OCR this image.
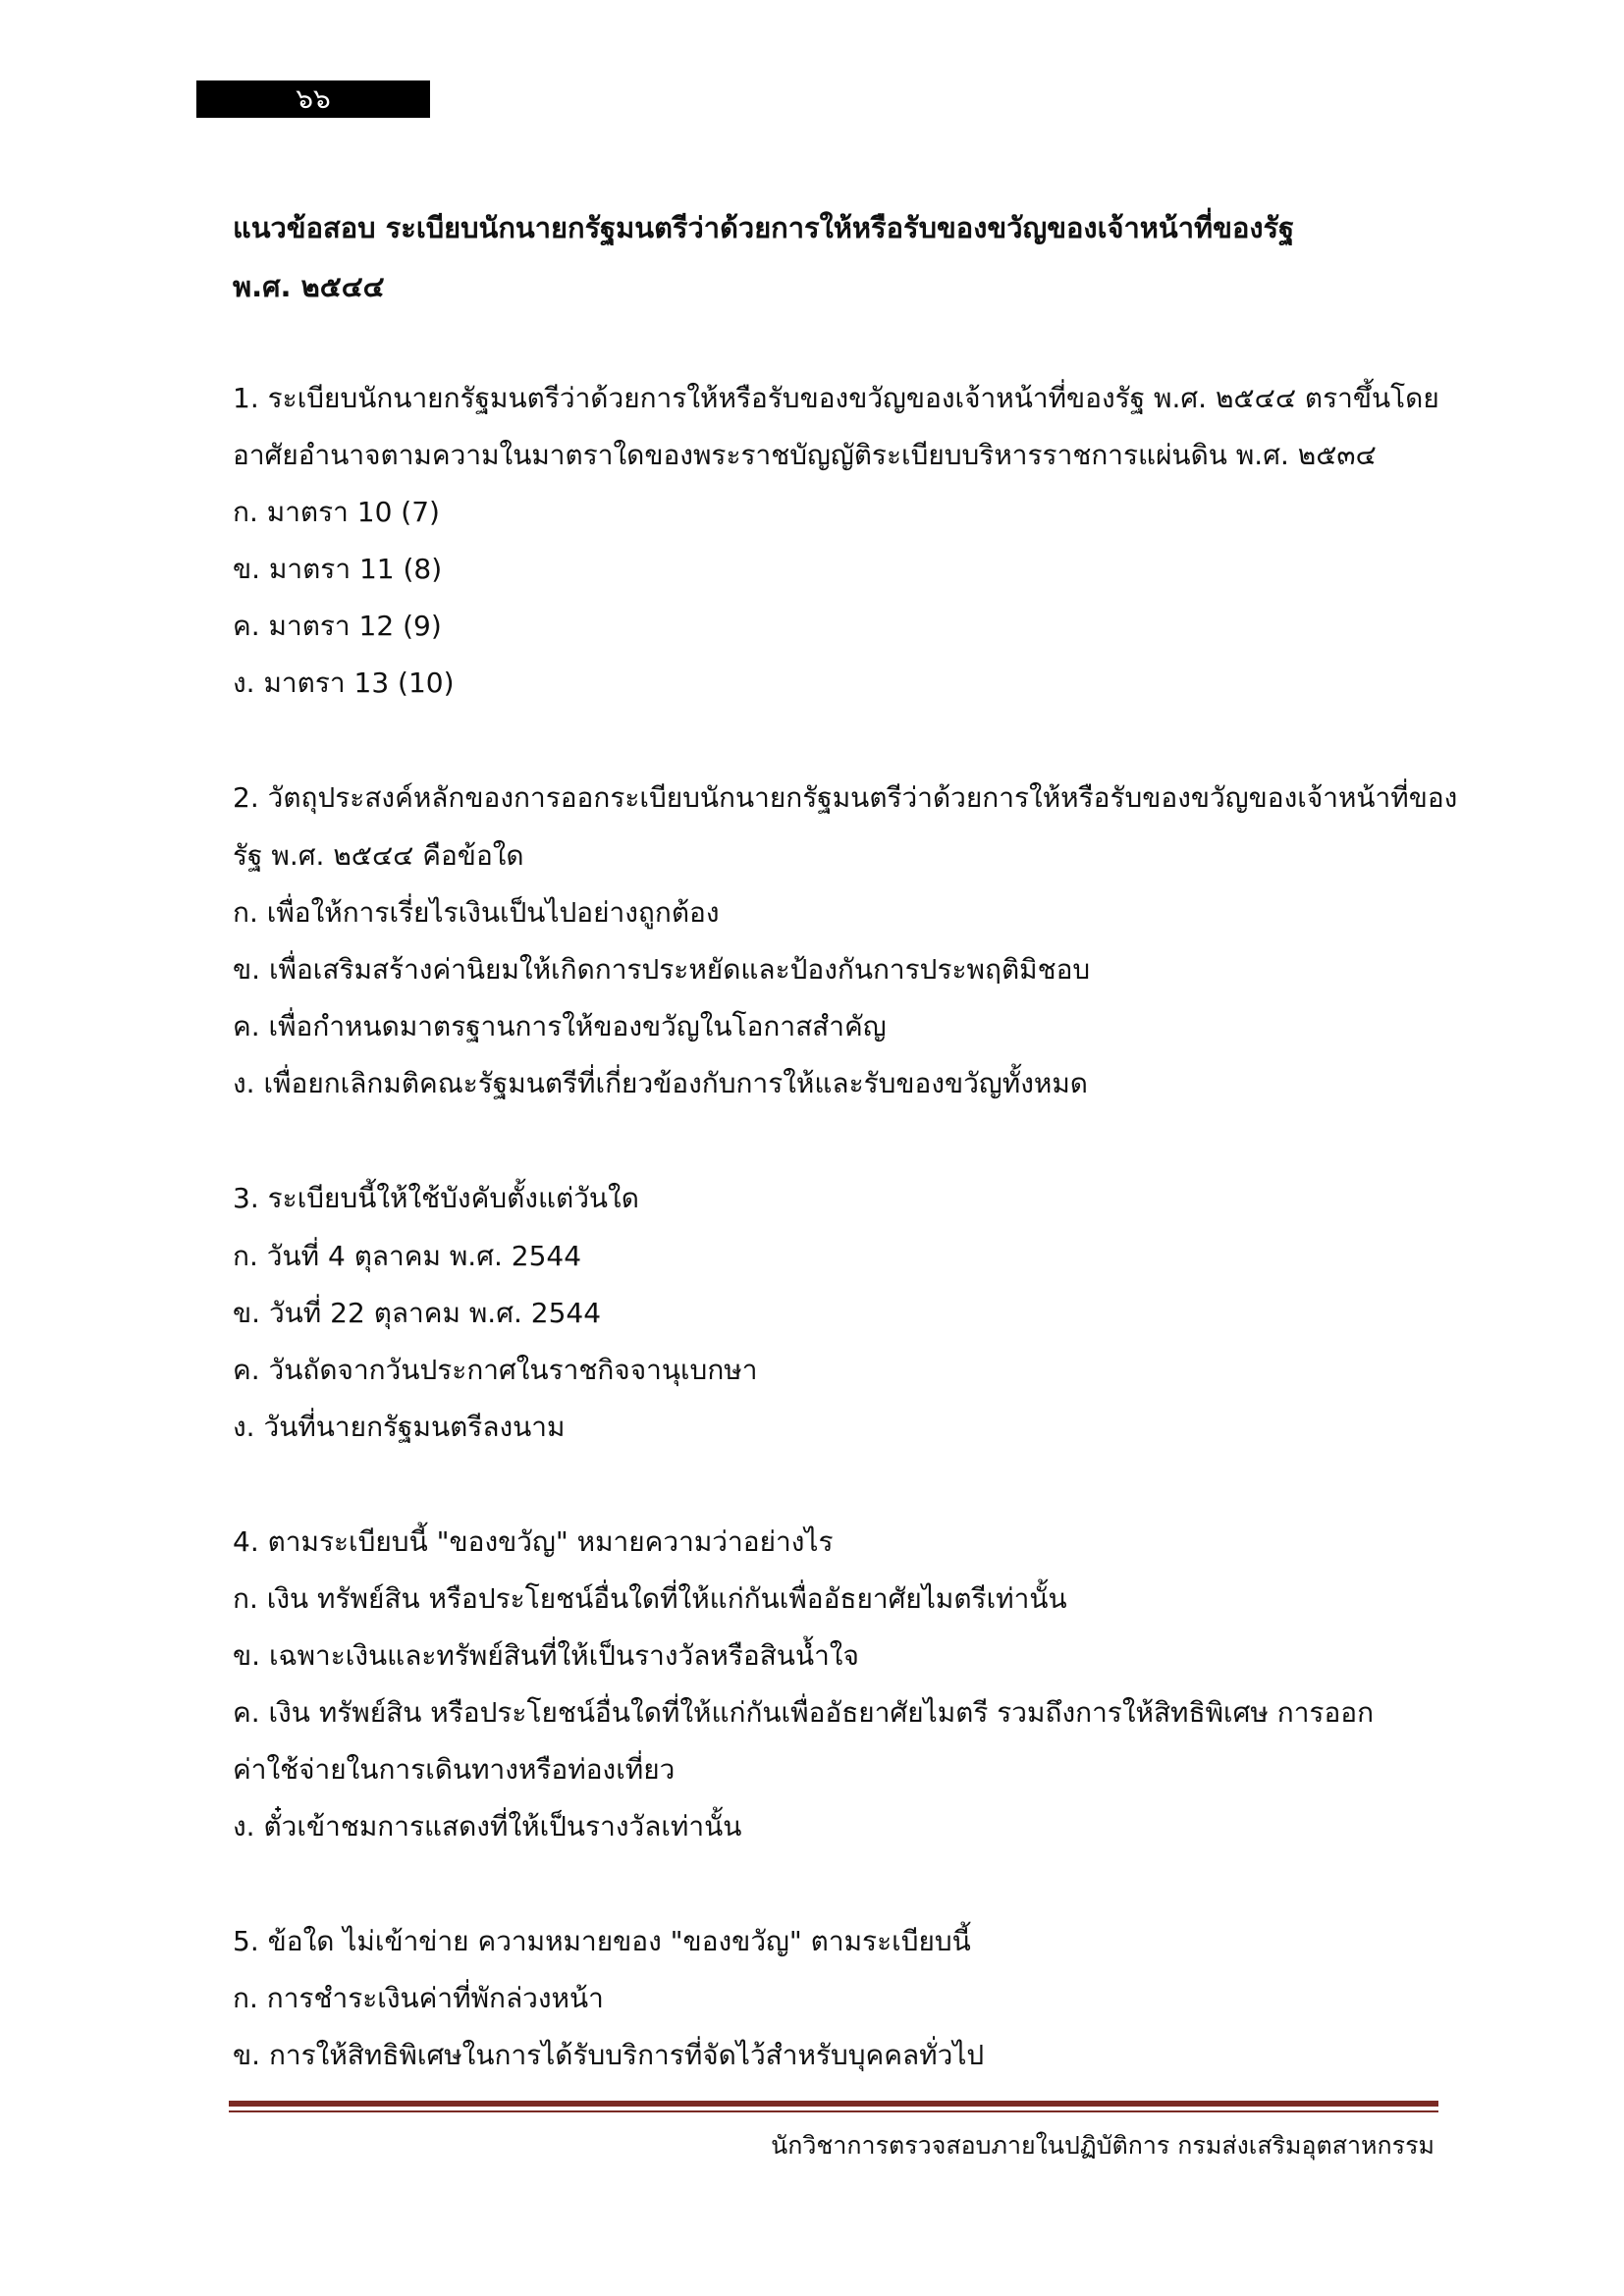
๖๖
แนวข้อสอบ ระเบียบนักนายกรัฐมนตรีว่าด้วยการให้หรือรับของขวัญของเจ้าหน้าที่ของรัฐ
พ.ศ. ๒๕๔๔
1. ระเบียบนักนายกรัฐมนตรีว่าด้วยการให้หรือรับของขวัญของเจ้าหน้าที่ของรัฐ พ.ศ. ๒๕๔๔ ตราขึ้นโดย
อาศัยอำนาจตามความในมาตราใดของพระราชบัญญัติระเบียบบริหารราชการแผ่นดิน พ.ศ. ๒๕๓๔
ก. มาตรา 10 (7)
ข. มาตรา 11 (8)
ค. มาตรา 12 (9)
ง. มาตรา 13 (10)
2. วัตถุประสงค์หลักของการออกระเบียบนักนายกรัฐมนตรีว่าด้วยการให้หรือรับของขวัญของเจ้าหน้าที่ของ
รัฐ พ.ศ. ๒๕๔๔ คือข้อใด
ก. เพื่อให้การเรี่ยไรเงินเป็นไปอย่างถูกต้อง
ข. เพื่อเสริมสร้างค่านิยมให้เกิดการประหยัดและป้องกันการประพฤติมิชอบ
ค. เพื่อกำหนดมาตรฐานการให้ของขวัญในโอกาสสำคัญ
ง. เพื่อยกเลิกมติคณะรัฐมนตรีที่เกี่ยวข้องกับการให้และรับของขวัญทั้งหมด
3. ระเบียบนี้ให้ใช้บังคับตั้งแต่วันใด
ก. วันที่ 4 ตุลาคม พ.ศ. 2544
ข. วันที่ 22 ตุลาคม พ.ศ. 2544
ค. วันถัดจากวันประกาศในราชกิจจานุเบกษา
ง. วันที่นายกรัฐมนตรีลงนาม
4. ตามระเบียบนี้ "ของขวัญ" หมายความว่าอย่างไร
ก. เงิน ทรัพย์สิน หรือประโยชน์อื่นใดที่ให้แก่กันเพื่ออัธยาศัยไมตรีเท่านั้น
ข. เฉพาะเงินและทรัพย์สินที่ให้เป็นรางวัลหรือสินน้ำใจ
ค. เงิน ทรัพย์สิน หรือประโยชน์อื่นใดที่ให้แก่กันเพื่ออัธยาศัยไมตรี รวมถึงการให้สิทธิพิเศษ การออก
ค่าใช้จ่ายในการเดินทางหรือท่องเที่ยว
ง. ตั๋วเข้าชมการแสดงที่ให้เป็นรางวัลเท่านั้น
5. ข้อใด ไม่เข้าข่าย ความหมายของ "ของขวัญ" ตามระเบียบนี้
ก. การชำระเงินค่าที่พักล่วงหน้า
ข. การให้สิทธิพิเศษในการได้รับบริการที่จัดไว้สำหรับบุคคลทั่วไป
นักวิชาการตรวจสอบภายในปฏิบัติการ กรมส่งเสริมอุตสาหกรรม
